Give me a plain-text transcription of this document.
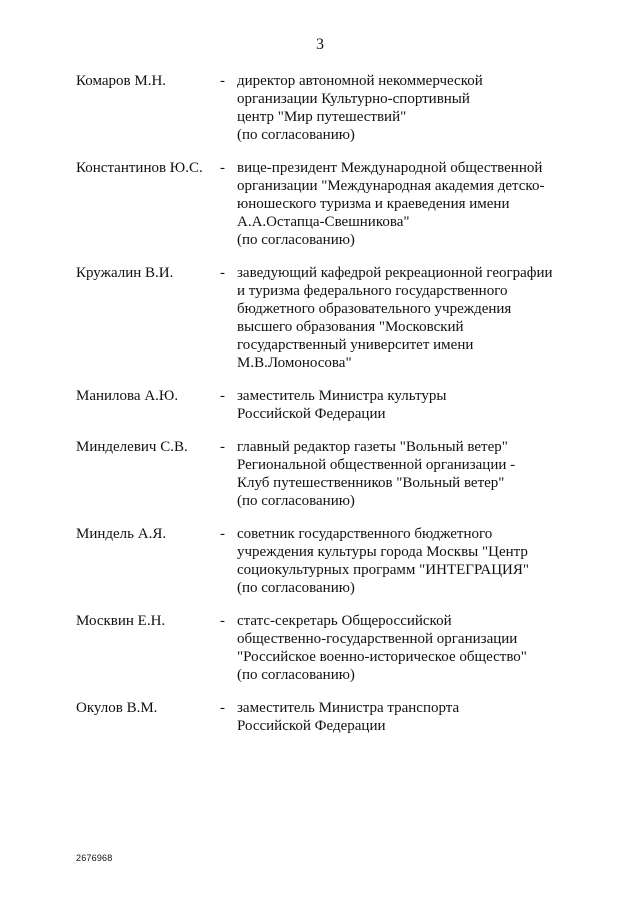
3
Комаров М.Н.	- директор автономной некоммерческой
организации Культурно-спортивный
центр "Мир путешествий"
(по согласованию)
Константинов Ю.С.	- вице-президент Международной общественной
организации "Международная академия детско-
юношеского туризма и краеведения имени
А.А.Остапца-Свешникова"
(по согласованию)
Кружалин В.И.	- заведующий кафедрой рекреационной географии
и туризма федерального государственного
бюджетного образовательного учреждения
высшего образования "Московский
государственный университет имени
М.В.Ломоносова"
Манилова А.Ю.	- заместитель Министра культуры
Российской Федерации
Минделевич С.В.	- главный редактор газеты "Вольный ветер"
Региональной общественной организации -
Клуб путешественников "Вольный ветер"
(по согласованию)
Миндель А.Я.	- советник государственного бюджетного
учреждения культуры города Москвы "Центр
социокультурных программ "ИНТЕГРАЦИЯ"
(по согласованию)
Москвин Е.Н.	- статс-секретарь Общероссийской
общественно-государственной организации
"Российское военно-историческое общество"
(по согласованию)
Окулов В.М.	- заместитель Министра транспорта
Российской Федерации
2676968
